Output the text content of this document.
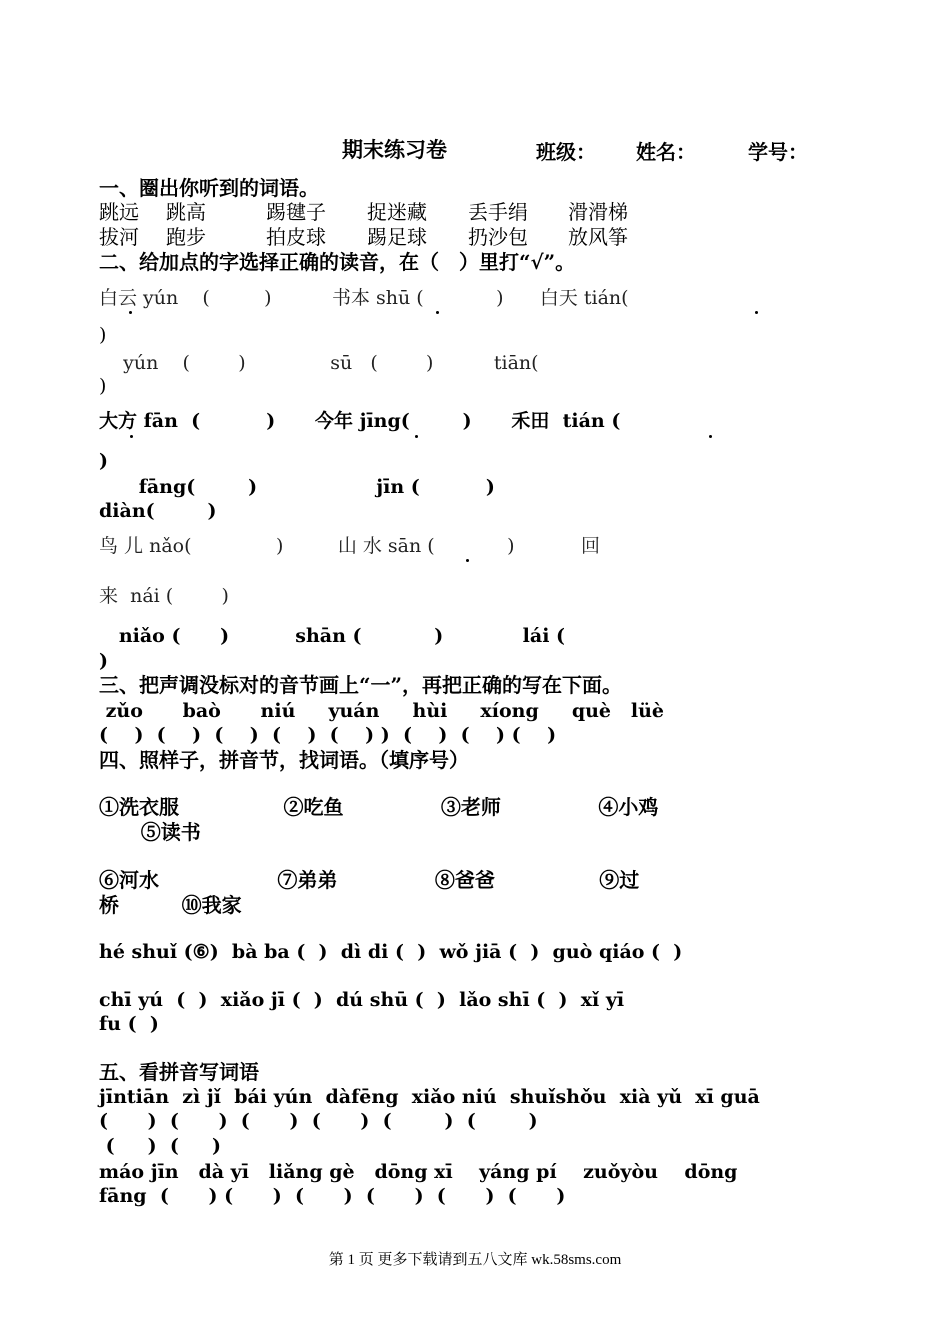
期末练习卷	班级： 姓名：	学号：
一、圈出你听到的词语。
跳远 跳高	踢毽子 捉迷藏 丢手绢 滑滑梯
拔河 跑步	拍皮球 踢足球 扔沙包 放风筝
二、给加点的字选择正确的读音，在（　）里打“√”。
白云 yún    (         )          书本 shū (            )      白天 tián(
)
yún    (        )              sū   (        )          tiān(
)
大方 fān  (          )      今年 jīng(        )      禾田  tián (
)
fāng(        )                  jīn (          )
diàn(        )
鸟 儿 nǎo(              )         山 水 sān (            )           回
来  nái (        )
niǎo (      )          shān (           )            lái (
)
三、把声调没标对的音节画上“一”，再把正确的写在下面。
zǔo      baò      niú     yuán     hùi     xíong     què   lüè
(    )  (    )  (    )  (    )  (    ) )  (    )  (    ) (    )
四、照样子，拼音节，找词语。（填序号）
①洗衣服               ②吃鱼              ③老师              ④小鸡
⑤读书
⑥河水                 ⑦弟弟              ⑧爸爸               ⑨过
桥         ⑩我家
hé shuǐ (⑥)  bà ba (  )  dì di (  )  wǒ jiā (  )  guò qiáo (  )
chī yú  (  )  xiǎo jī (  )  dú shū (  )  lǎo shī (  )  xǐ yī
fu (  )
五、看拼音写词语
jīntiān  zì jǐ  bái yún  dàfēng  xiǎo niú  shuǐshǒu  xià yǔ  xī guā
(      )  (      )  (      )  (      )  (        )  (        )
(     )  (     )
máo jīn   dà yī   liǎng gè   dōng xī    yáng pí    zuǒyòu    dōng
fāng  (      ) (      )  (      )  (      )  (      )  (      )
第 1 页 更多下载请到五八文库 wk.58sms.com
